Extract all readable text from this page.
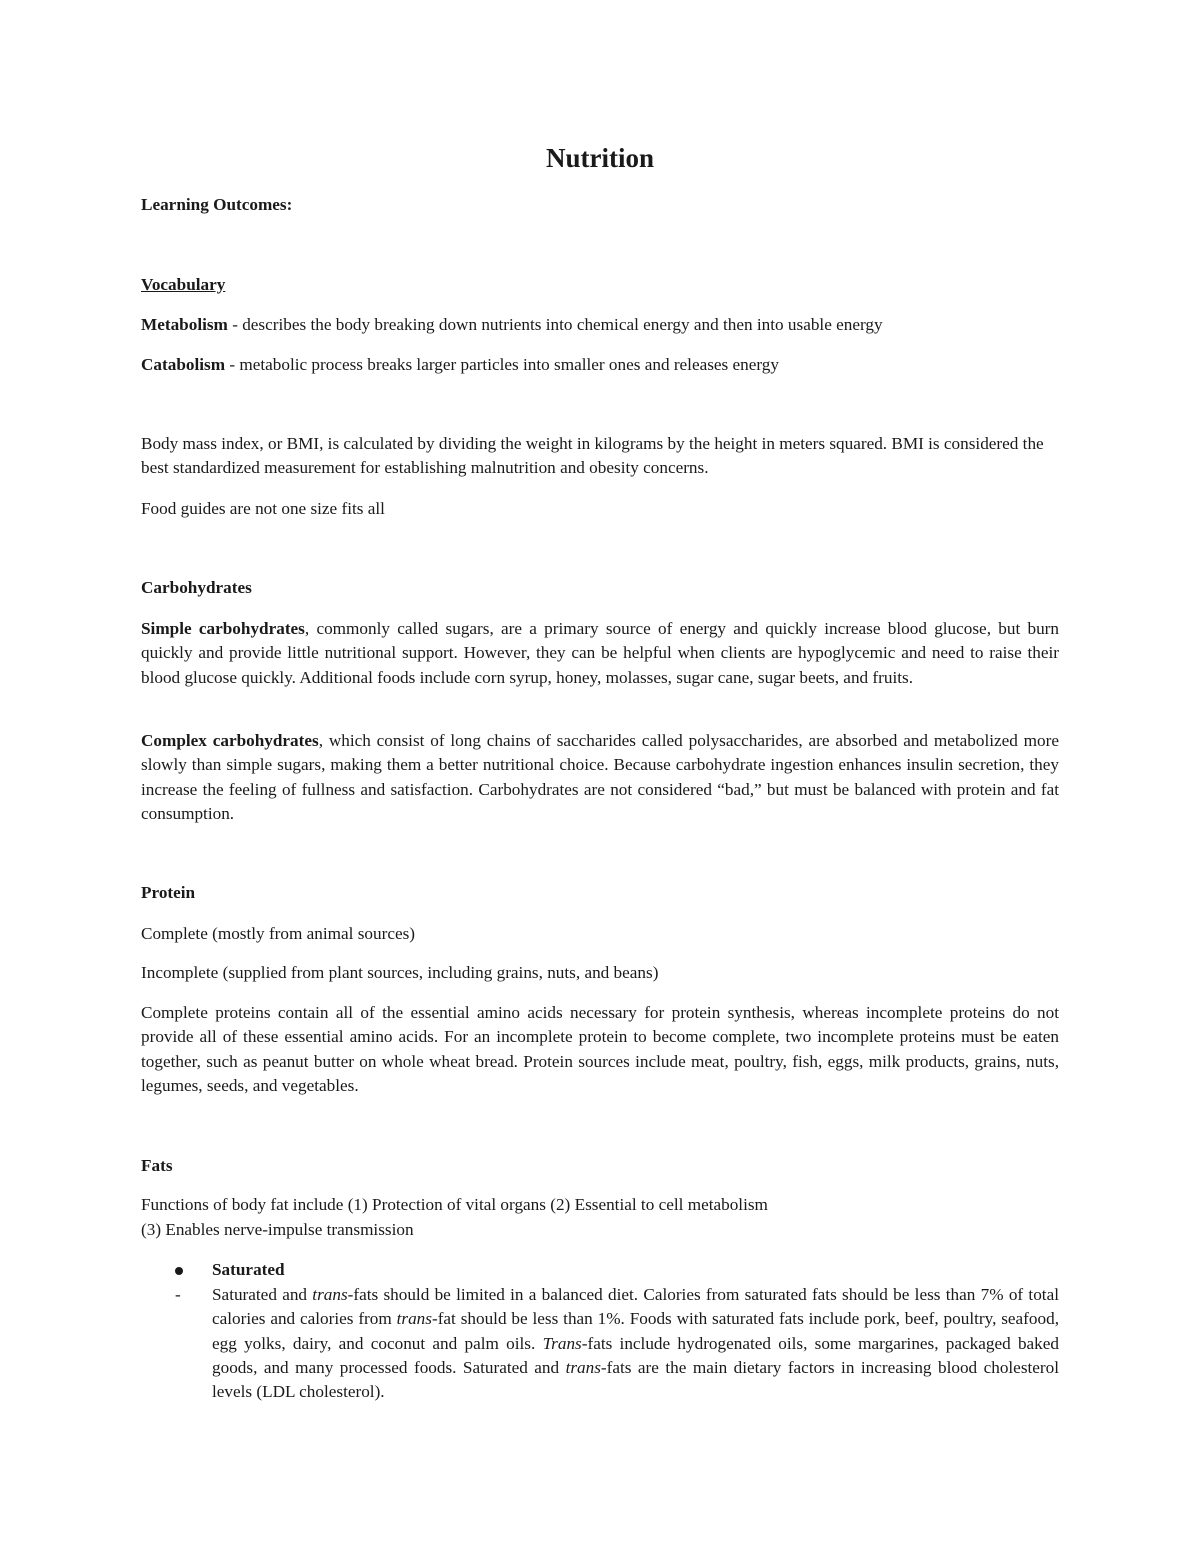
Nutrition

Learning Outcomes:

Vocabulary

Metabolism - describes the body breaking down nutrients into chemical energy and then into usable energy

Catabolism - metabolic process breaks larger particles into smaller ones and releases energy

Body mass index, or BMI, is calculated by dividing the weight in kilograms by the height in meters squared. BMI is considered the best standardized measurement for establishing malnutrition and obesity concerns.

Food guides are not one size fits all

Carbohydrates

Simple carbohydrates, commonly called sugars, are a primary source of energy and quickly increase blood glucose, but burn quickly and provide little nutritional support. However, they can be helpful when clients are hypoglycemic and need to raise their blood glucose quickly. Additional foods include corn syrup, honey, molasses, sugar cane, sugar beets, and fruits.

Complex carbohydrates, which consist of long chains of saccharides called polysaccharides, are absorbed and metabolized more slowly than simple sugars, making them a better nutritional choice. Because carbohydrate ingestion enhances insulin secretion, they increase the feeling of fullness and satisfaction. Carbohydrates are not considered “bad,” but must be balanced with protein and fat consumption.

Protein

Complete (mostly from animal sources)

Incomplete (supplied from plant sources, including grains, nuts, and beans)

Complete proteins contain all of the essential amino acids necessary for protein synthesis, whereas incomplete proteins do not provide all of these essential amino acids. For an incomplete protein to become complete, two incomplete proteins must be eaten together, such as peanut butter on whole wheat bread. Protein sources include meat, poultry, fish, eggs, milk products, grains, nuts, legumes, seeds, and vegetables.

Fats

Functions of body fat include (1) Protection of vital organs (2) Essential to cell metabolism

(3) Enables nerve-impulse transmission

Saturated
-	Saturated and trans-fats should be limited in a balanced diet. Calories from saturated fats should be less than 7% of total calories and calories from trans-fat should be less than 1%. Foods with saturated fats include pork, beef, poultry, seafood, egg yolks, dairy, and coconut and palm oils. Trans-fats include hydrogenated oils, some margarines, packaged baked goods, and many processed foods. Saturated and trans-fats are the main dietary factors in increasing blood cholesterol levels (LDL cholesterol).
